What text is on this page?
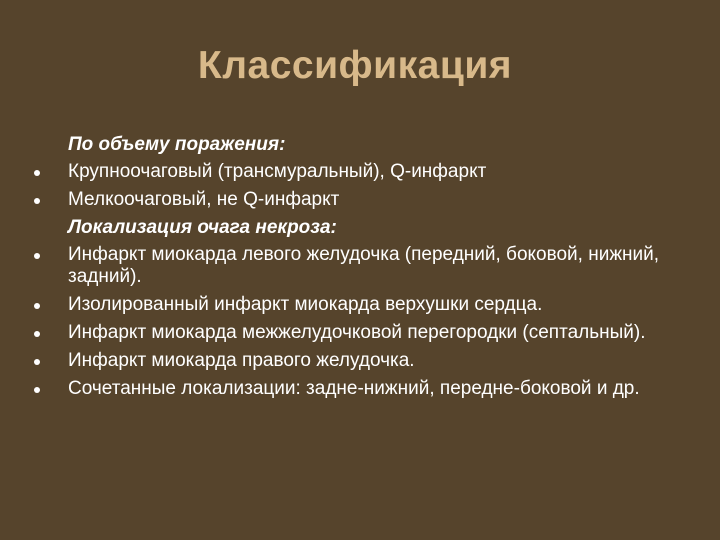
Классификация
По объему поражения:
Крупноочаговый (трансмуральный), Q-инфаркт
Мелкоочаговый, не Q-инфаркт
Локализация очага некроза:
Инфаркт миокарда левого желудочка (передний, боковой, нижний, задний).
Изолированный инфаркт миокарда верхушки сердца.
Инфаркт миокарда межжелудочковой перегородки (септальный).
Инфаркт миокарда правого желудочка.
Сочетанные локализации: задне-нижний, передне-боковой и др.
